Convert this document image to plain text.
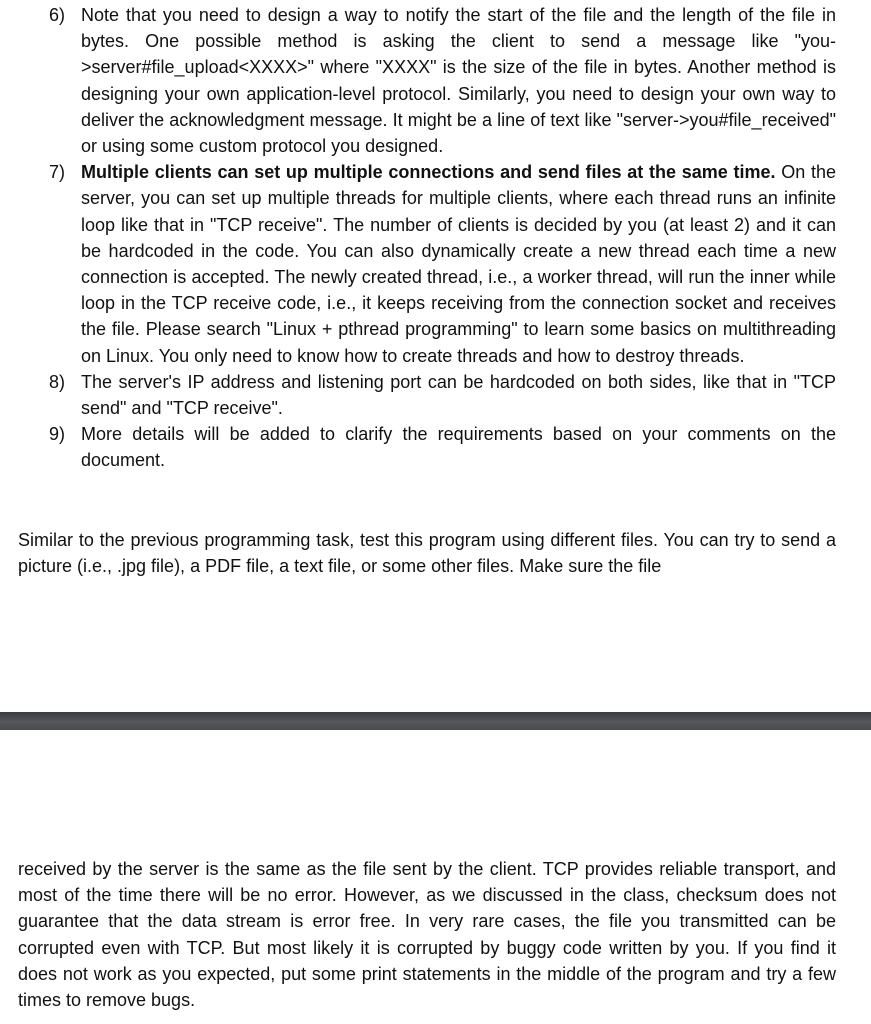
6) Note that you need to design a way to notify the start of the file and the length of the file in bytes. One possible method is asking the client to send a message like "you->server#file_upload<XXXX>" where "XXXX" is the size of the file in bytes. Another method is designing your own application-level protocol. Similarly, you need to design your own way to deliver the acknowledgment message. It might be a line of text like "server->you#file_received" or using some custom protocol you designed.
7) Multiple clients can set up multiple connections and send files at the same time. On the server, you can set up multiple threads for multiple clients, where each thread runs an infinite loop like that in "TCP receive". The number of clients is decided by you (at least 2) and it can be hardcoded in the code. You can also dynamically create a new thread each time a new connection is accepted. The newly created thread, i.e., a worker thread, will run the inner while loop in the TCP receive code, i.e., it keeps receiving from the connection socket and receives the file. Please search "Linux + pthread programming" to learn some basics on multithreading on Linux. You only need to know how to create threads and how to destroy threads.
8) The server's IP address and listening port can be hardcoded on both sides, like that in "TCP send" and "TCP receive".
9) More details will be added to clarify the requirements based on your comments on the document.

Similar to the previous programming task, test this program using different files. You can try to send a picture (i.e., .jpg file), a PDF file, a text file, or some other files. Make sure the file

received by the server is the same as the file sent by the client. TCP provides reliable transport, and most of the time there will be no error. However, as we discussed in the class, checksum does not guarantee that the data stream is error free. In very rare cases, the file you transmitted can be corrupted even with TCP. But most likely it is corrupted by buggy code written by you. If you find it does not work as you expected, put some print statements in the middle of the program and try a few times to remove bugs.
